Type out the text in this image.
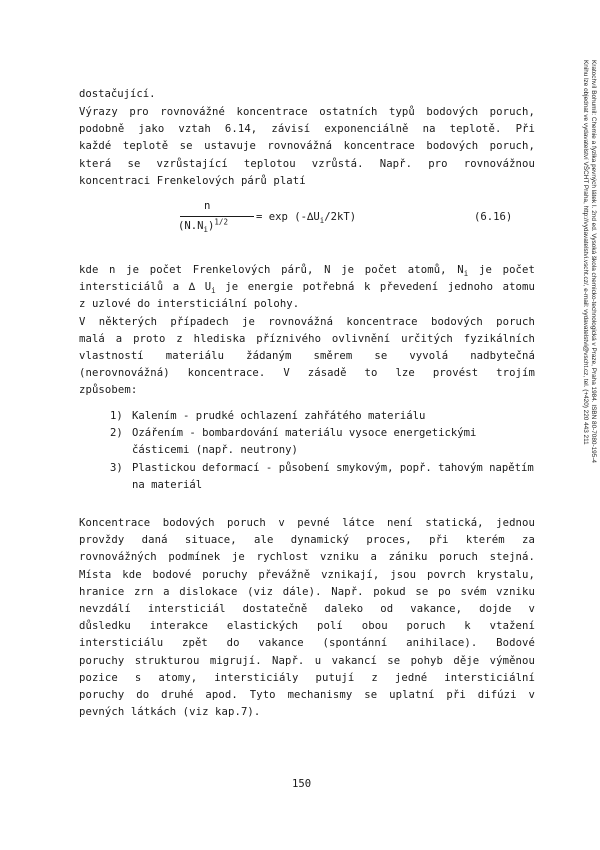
dostačující.
Výrazy pro rovnovážné koncentrace ostatních typů bodových poruch,
podobně jako vztah 6.14, závisí exponenciálně na teplotě. Při
každé teplotě se ustavuje rovnovážná koncentrace bodových poruch,
která se vzrůstající teplotou vzrůstá. Např. pro rovnovážnou
koncentraci Frenkelových párů platí
n
$(N.N_i)^{1/2}$	= $\exp (-\Delta U_i/2kT)$	(6.16)
kde n je počet Frenkelových párů, N je počet atomů, $N_i$ je počet
intersticiálů a ∆ $U_i$ je energie potřebná k převedení jednoho atomu
z uzlové do intersticiální polohy.
V některých případech je rovnovážná koncentrace bodových poruch
malá a proto z hlediska příznivého ovlivnění určitých fyzikálních
vlastností materiálu žádaným směrem se vyvolá nadbytečná
(nerovnovážná) koncentrace. V zásadě to lze provést trojím
způsobem:
1) Kalením - prudké ochlazení zahřátého materiálu
2) Ozářením - bombardování materiálu vysoce energetickými částicemi (např. neutrony)
3) Plastickou deformací - působení smykovým, popř. tahovým napětím na materiál
Koncentrace bodových poruch v pevné látce není statická, jednou
provždy daná situace, ale dynamický proces, při kterém za
rovnovážných podmínek je rychlost vzniku a zániku poruch stejná.
Místa kde bodové poruchy převážně vznikají, jsou povrch krystalu,
hranice zrn a dislokace (viz dále). Např. pokud se po svém vzniku
nevzdálí intersticiál dostatečně daleko od vakance, dojde v
důsledku interakce elastických polí obou poruch k vtažení
intersticiálu zpět do vakance (spontánní anihilace). Bodové
poruchy strukturou migrují. Např. u vakancí se pohyb děje výměnou
pozice s atomy, intersticiály putují z jedné intersticiální
poruchy do druhé apod. Tyto mechanismy se uplatní při difúzi v
pevných látkách (viz kap.7).
150
Kratochvíl Bohumil: Chemie a fyzika pevných látek I. 2nd ed. Vysoká škola chemicko-technologická v Praze, Praha 1984. ISBN 80-7080-195-4
Knihu lze objednat ve vydavatelství VŠCHT Praha, http://vydavatelstvi.vscht.cz/, e-mail: vydavatelstvi@vscht.cz, tel. (+420) 220 443 211
